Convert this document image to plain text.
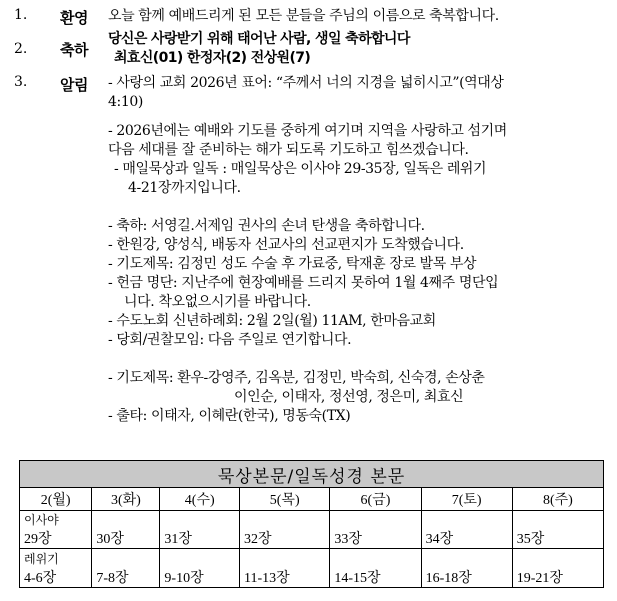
1.	환영 오늘 함께 예배드리게 된 모든 분들을 주님의 이름으로 축복합니다.
2.	축하
당신은 사랑받기 위해 태어난 사람, 생일 축하합니다
최효신(01) 한정자(2) 전상원(7)
3.	알림 - 사랑의 교회 2026년 표어: “주께서 너의 지경을 넓히시고”(역대상
4:10)
- 2026년에는 예배와 기도를 중하게 여기며 지역을 사랑하고 섬기며
다음 세대를 잘 준비하는 해가 되도록 기도하고 힘쓰겠습니다.
- 매일묵상과 일독 : 매일묵상은 이사야 29-35장, 일독은 레위기
4-21장까지입니다.
- 축하: 서영길.서제임 권사의 손녀 탄생을 축하합니다.
- 한원강, 양성식, 배동자 선교사의 선교편지가 도착했습니다.
- 기도제목: 김정민 성도 수술 후 가료중, 탁재훈 장로 발목 부상
- 헌금 명단: 지난주에 현장예배를 드리지 못하여 1월 4째주 명단입
니다. 착오없으시기를 바랍니다.
- 수도노회 신년하례회: 2월 2일(월) 11AM, 한마음교회
- 당회/권찰모임: 다음 주일로 연기합니다.
- 기도제목: 환우-강영주, 김옥분, 김정민, 박숙희, 신숙경, 손상춘
이인순, 이태자, 정선영, 정은미, 최효신
- 출타: 이태자, 이혜란(한국), 명동숙(TX)
묵상본문/일독성경 본문						
2(월)	3(화)	4(수)	5(목)	6(금)	7(토)	8(주)

이사야
29장	30장	31장	32장	33장	34장	35장

레위기
4-6장	7-8장	9-10장	11-13장	14-15장	16-18장	19-21장
